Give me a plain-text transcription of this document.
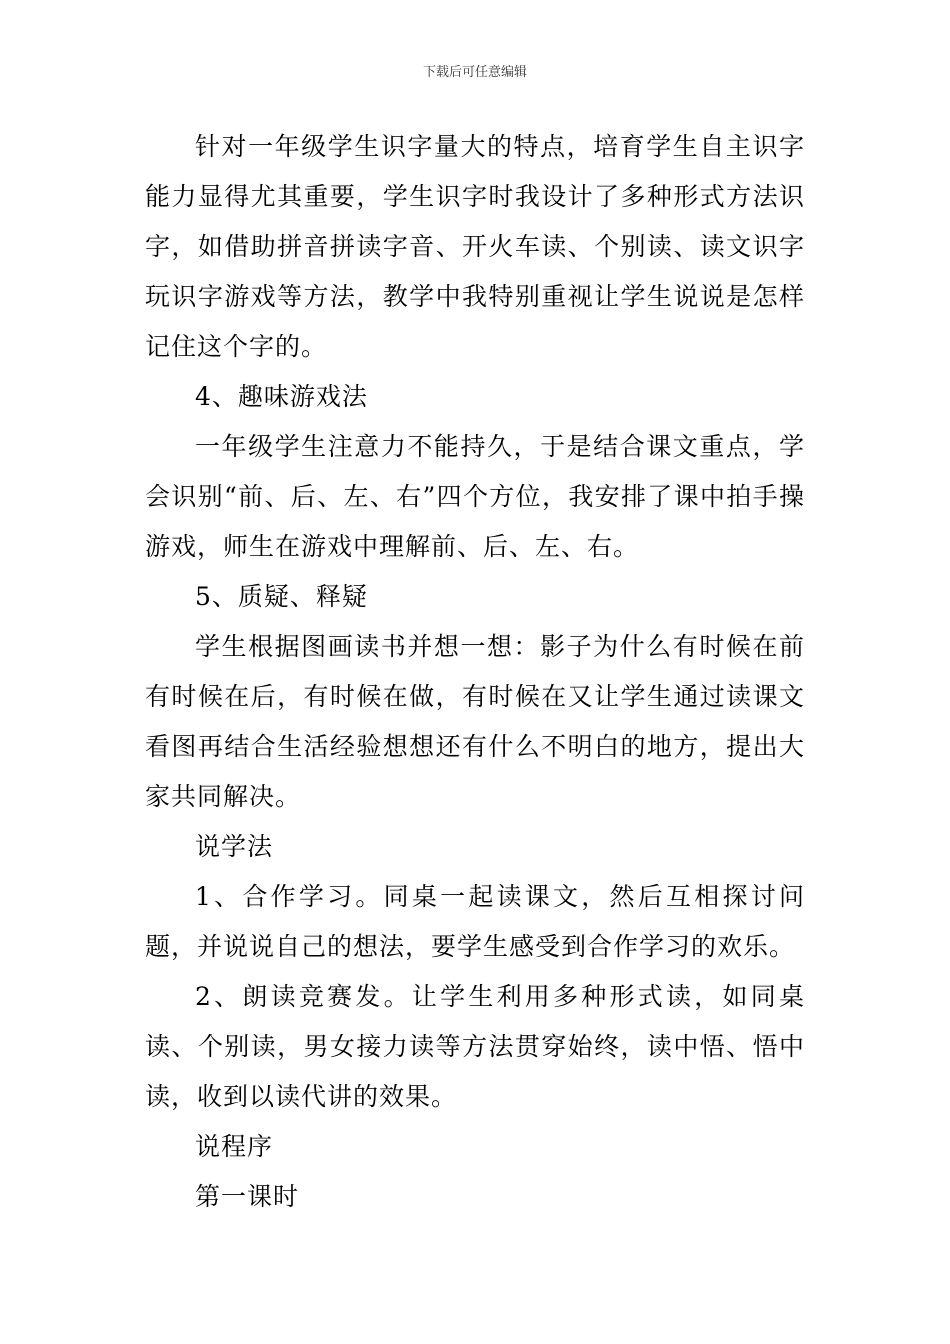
下载后可任意编辑

针对一年级学生识字量大的特点，培育学生自主识字能力显得尤其重要，学生识字时我设计了多种形式方法识字，如借助拼音拼读字音、开火车读、个别读、读文识字玩识字游戏等方法，教学中我特别重视让学生说说是怎样记住这个字的。

4、趣味游戏法

一年级学生注意力不能持久，于是结合课文重点，学会识别“前、后、左、右”四个方位，我安排了课中拍手操游戏，师生在游戏中理解前、后、左、右。

5、质疑、释疑

学生根据图画读书并想一想：影子为什么有时候在前有时候在后，有时候在做，有时候在又让学生通过读课文看图再结合生活经验想想还有什么不明白的地方，提出大家共同解决。

说学法

1、合作学习。同桌一起读课文，然后互相探讨问题，并说说自己的想法，要学生感受到合作学习的欢乐。

2、朗读竞赛发。让学生利用多种形式读，如同桌读、个别读，男女接力读等方法贯穿始终，读中悟、悟中读，收到以读代讲的效果。

说程序

第一课时
